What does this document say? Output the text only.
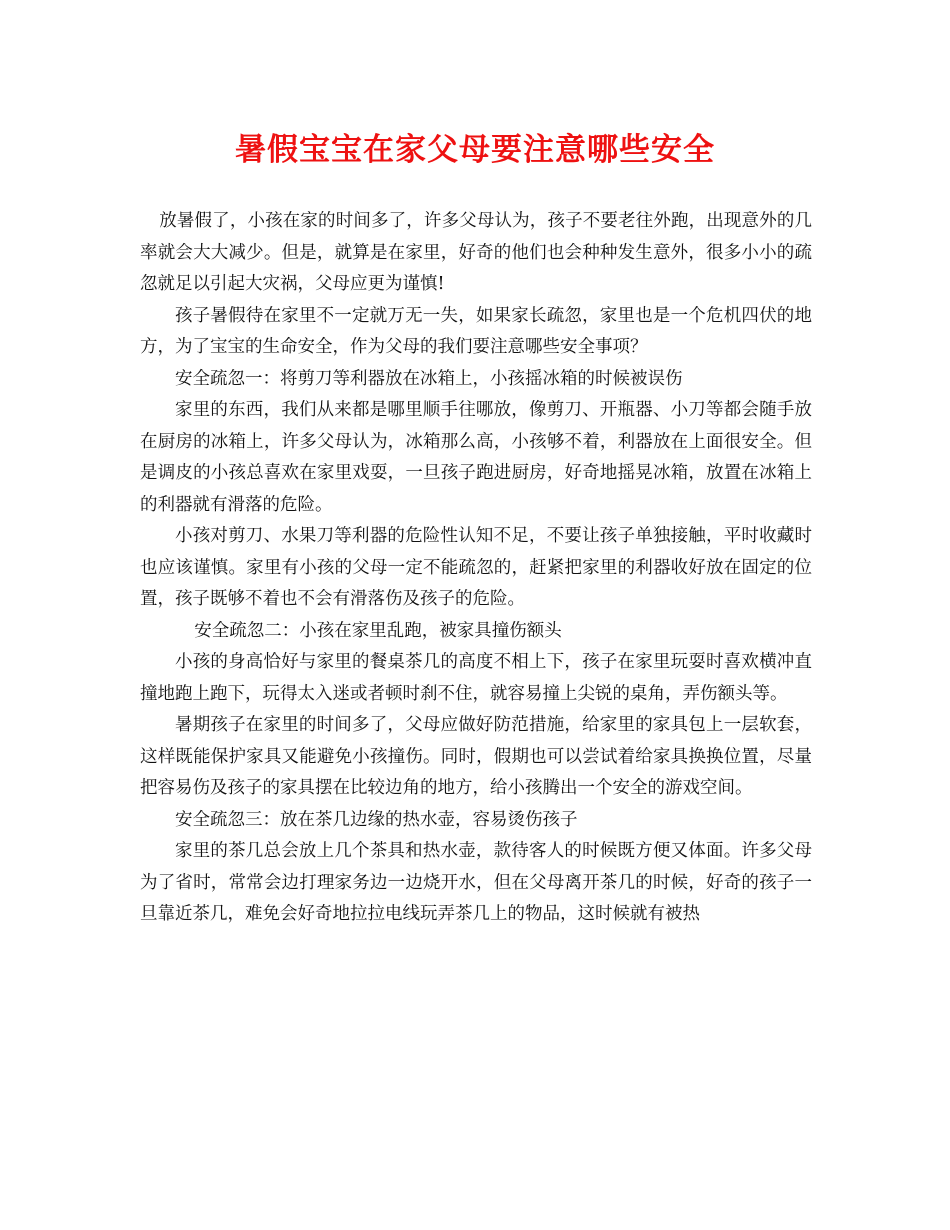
暑假宝宝在家父母要注意哪些安全

放暑假了，小孩在家的时间多了，许多父母认为，孩子不要老往外跑，出现意外的几率就会大大减少。但是，就算是在家里，好奇的他们也会种种发生意外，很多小小的疏忽就足以引起大灾祸，父母应更为谨慎!

孩子暑假待在家里不一定就万无一失，如果家长疏忽，家里也是一个危机四伏的地方，为了宝宝的生命安全，作为父母的我们要注意哪些安全事项？

安全疏忽一：将剪刀等利器放在冰箱上，小孩摇冰箱的时候被误伤

家里的东西，我们从来都是哪里顺手往哪放，像剪刀、开瓶器、小刀等都会随手放在厨房的冰箱上，许多父母认为，冰箱那么高，小孩够不着，利器放在上面很安全。但是调皮的小孩总喜欢在家里戏耍，一旦孩子跑进厨房，好奇地摇晃冰箱，放置在冰箱上的利器就有滑落的危险。

小孩对剪刀、水果刀等利器的危险性认知不足，不要让孩子单独接触，平时收藏时也应该谨慎。家里有小孩的父母一定不能疏忽的，赶紧把家里的利器收好放在固定的位置，孩子既够不着也不会有滑落伤及孩子的危险。

安全疏忽二：小孩在家里乱跑，被家具撞伤额头

小孩的身高恰好与家里的餐桌茶几的高度不相上下，孩子在家里玩耍时喜欢横冲直撞地跑上跑下，玩得太入迷或者顿时刹不住，就容易撞上尖锐的桌角，弄伤额头等。

暑期孩子在家里的时间多了，父母应做好防范措施，给家里的家具包上一层软套，这样既能保护家具又能避免小孩撞伤。同时，假期也可以尝试着给家具换换位置，尽量把容易伤及孩子的家具摆在比较边角的地方，给小孩腾出一个安全的游戏空间。

安全疏忽三：放在茶几边缘的热水壶，容易烫伤孩子

家里的茶几总会放上几个茶具和热水壶，款待客人的时候既方便又体面。许多父母为了省时，常常会边打理家务边一边烧开水，但在父母离开茶几的时候，好奇的孩子一旦靠近茶几，难免会好奇地拉拉电线玩弄茶几上的物品，这时候就有被热
